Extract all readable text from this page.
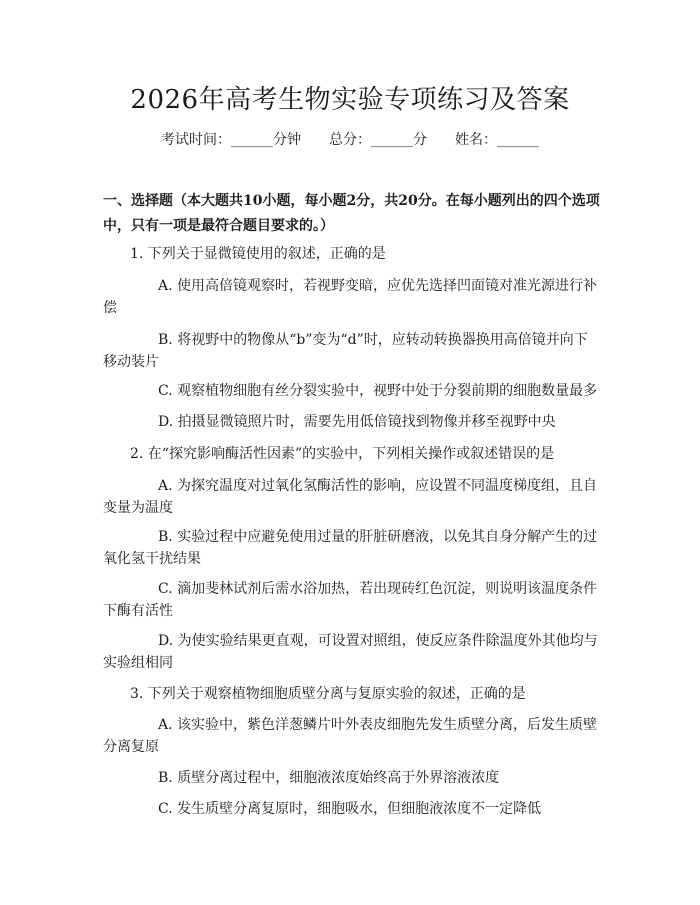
2026年高考生物实验专项练习及答案
考试时间：______分钟 总分：______分 姓名：______
一、选择题（本大题共10小题，每小题2分，共20分。在每小题列出的四个选项中，只有一项是最符合题目要求的。）
1. 下列关于显微镜使用的叙述，正确的是
A. 使用高倍镜观察时，若视野变暗，应优先选择凹面镜对准光源进行补偿
B. 将视野中的物像从“b”变为“d”时，应转动转换器换用高倍镜并向下移动装片
C. 观察植物细胞有丝分裂实验中，视野中处于分裂前期的细胞数量最多
D. 拍摄显微镜照片时，需要先用低倍镜找到物像并移至视野中央
2. 在“探究影响酶活性因素”的实验中，下列相关操作或叙述错误的是
A. 为探究温度对过氧化氢酶活性的影响，应设置不同温度梯度组，且自变量为温度
B. 实验过程中应避免使用过量的肝脏研磨液，以免其自身分解产生的过氧化氢干扰结果
C. 滴加斐林试剂后需水浴加热，若出现砖红色沉淀，则说明该温度条件下酶有活性
D. 为使实验结果更直观，可设置对照组，使反应条件除温度外其他均与实验组相同
3. 下列关于观察植物细胞质壁分离与复原实验的叙述，正确的是
A. 该实验中，紫色洋葱鳞片叶外表皮细胞先发生质壁分离，后发生质壁分离复原
B. 质壁分离过程中，细胞液浓度始终高于外界溶液浓度
C. 发生质壁分离复原时，细胞吸水，但细胞液浓度不一定降低
